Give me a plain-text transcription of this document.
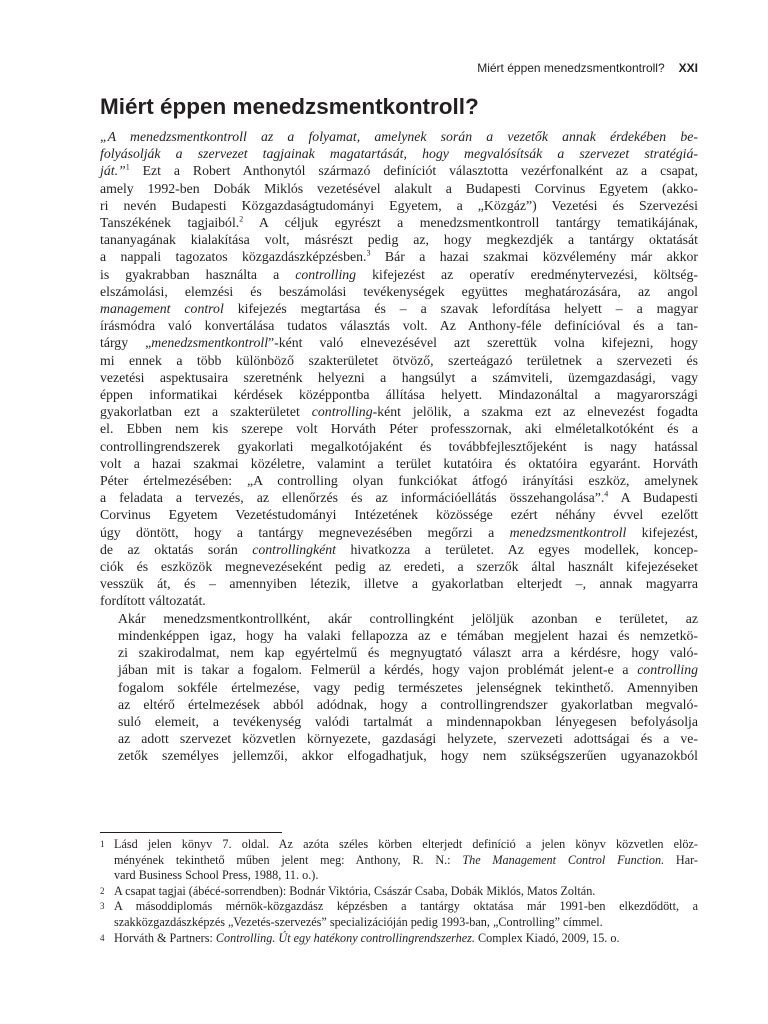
Miért éppen menedzsmentkontroll? XXI
Miért éppen menedzsmentkontroll?
„A menedzsmentkontroll az a folyamat, amelynek során a vezetők annak érdekében be-
folyásolják a szervezet tagjainak magatartását, hogy megvalósítsák a szervezet stratégiá-
ját.”$^1$ Ezt a Robert Anthonytól származó definíciót választotta vezérfonalként az a csapat,
amely 1992-ben Dobák Miklós vezetésével alakult a Budapesti Corvinus Egyetem (akko-
ri nevén Budapesti Közgazdaságtudományi Egyetem, a „Közgáz”) Vezetési és Szervezési
Tanszékének tagjaiból.$^2$ A céljuk egyrészt a menedzsmentkontroll tantárgy tematikájának,
tananyagának kialakítása volt, másrészt pedig az, hogy megkezdjék a tantárgy oktatását
a nappali tagozatos közgazdászképzésben.$^3$ Bár a hazai szakmai közvélemény már akkor
is gyakrabban használta a controlling kifejezést az operatív eredménytervezési, költség-
elszámolási, elemzési és beszámolási tevékenységek együttes meghatározására, az angol
management control kifejezés megtartása és – a szavak lefordítása helyett – a magyar
írásmódra való konvertálása tudatos választás volt. Az Anthony-féle definícióval és a tan-
tárgy „menedzsmentkontroll”-ként való elnevezésével azt szerettük volna kifejezni, hogy
mi ennek a több különböző szakterületet ötvöző, szerteágazó területnek a szervezeti és
vezetési aspektusaira szeretnénk helyezni a hangsúlyt a számviteli, üzemgazdasági, vagy
éppen informatikai kérdések középpontba állítása helyett. Mindazonáltal a magyarországi
gyakorlatban ezt a szakterületet controlling-ként jelölik, a szakma ezt az elnevezést fogadta
el. Ebben nem kis szerepe volt Horváth Péter professzornak, aki elméletalkotóként és a
controllingrendszerek gyakorlati megalkotójaként és továbbfejlesztőjeként is nagy hatással
volt a hazai szakmai közéletre, valamint a terület kutatóira és oktatóira egyaránt. Horváth
Péter értelmezésében: „A controlling olyan funkciókat átfogó irányítási eszköz, amelynek
a feladata a tervezés, az ellenőrzés és az információellátás összehangolása”.$^4$ A Budapesti
Corvinus Egyetem Vezetéstudományi Intézetének közössége ezért néhány évvel ezelőtt
úgy döntött, hogy a tantárgy megnevezésében megőrzi a menedzsmentkontroll kifejezést,
de az oktatás során controllingként hivatkozza a területet. Az egyes modellek, koncep-
ciók és eszközök megnevezéseként pedig az eredeti, a szerzők által használt kifejezéseket
vesszük át, és – amennyiben létezik, illetve a gyakorlatban elterjedt –, annak magyarra
fordított változatát.
Akár menedzsmentkontrollként, akár controllingként jelöljük azonban e területet, az
mindenképpen igaz, hogy ha valaki fellapozza az e témában megjelent hazai és nemzetkö-
zi szakirodalmat, nem kap egyértelmű és megnyugtató választ arra a kérdésre, hogy való-
jában mit is takar a fogalom. Felmerül a kérdés, hogy vajon problémát jelent-e a controlling
fogalom sokféle értelmezése, vagy pedig természetes jelenségnek tekinthető. Amennyiben
az eltérő értelmezések abból adódnak, hogy a controllingrendszer gyakorlatban megvaló-
suló elemeit, a tevékenység valódi tartalmát a mindennapokban lényegesen befolyásolja
az adott szervezet közvetlen környezete, gazdasági helyzete, szervezeti adottságai és a ve-
zetők személyes jellemzői, akkor elfogadhatjuk, hogy nem szükségszerűen ugyanazokból
1 Lásd jelen könyv 7. oldal. Az azóta széles körben elterjedt definíció a jelen könyv közvetlen elöz-
ményének tekinthető műben jelent meg: Anthony, R. N.: The Management Control Function. Har-
vard Business School Press, 1988, 11. o.).
2 A csapat tagjai (ábécé-sorrendben): Bodnár Viktória, Császár Csaba, Dobák Miklós, Matos Zoltán.
3 A másoddiplomás mérnök-közgazdász képzésben a tantárgy oktatása már 1991-ben elkezdődött, a
szakközgazdászképzés „Vezetés-szervezés” specializációján pedig 1993-ban, „Controlling” címmel.
4 Horváth & Partners: Controlling. Út egy hatékony controllingrendszerhez. Complex Kiadó, 2009, 15. o.
